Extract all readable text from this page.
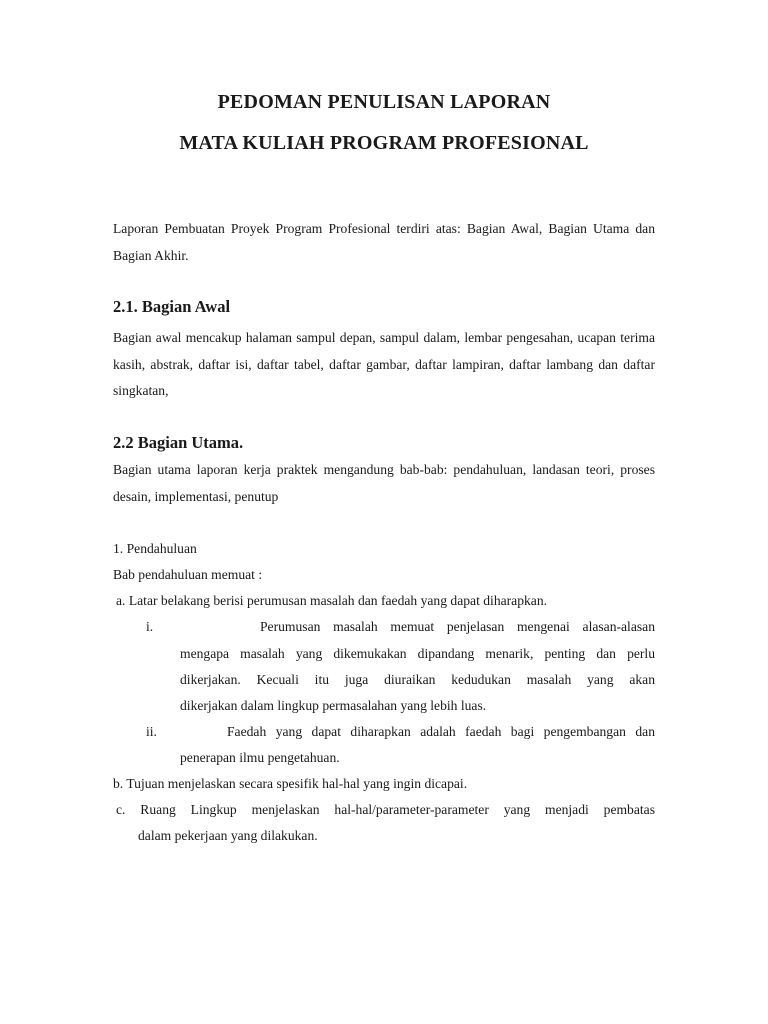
PEDOMAN PENULISAN LAPORAN
MATA KULIAH PROGRAM PROFESIONAL
Laporan Pembuatan Proyek Program Profesional terdiri atas: Bagian Awal, Bagian Utama dan Bagian Akhir.
2.1. Bagian Awal
Bagian awal mencakup halaman sampul depan, sampul dalam, lembar pengesahan, ucapan terima kasih, abstrak, daftar isi, daftar tabel, daftar gambar, daftar lampiran, daftar lambang dan daftar singkatan,
2.2 Bagian Utama.
Bagian utama laporan kerja praktek mengandung bab-bab: pendahuluan, landasan teori, proses desain, implementasi, penutup
1. Pendahuluan
Bab pendahuluan memuat :
a. Latar belakang berisi perumusan masalah dan faedah yang dapat diharapkan.
i.	Perumusan masalah memuat penjelasan mengenai alasan-alasan
mengapa masalah yang dikemukakan dipandang menarik, penting dan perlu
dikerjakan. Kecuali itu juga diuraikan kedudukan masalah yang akan
dikerjakan dalam lingkup permasalahan yang lebih luas.
ii.	Faedah yang dapat diharapkan adalah faedah bagi pengembangan dan
penerapan ilmu pengetahuan.
b. Tujuan menjelaskan secara spesifik hal-hal yang ingin dicapai.
c. Ruang Lingkup menjelaskan hal-hal/parameter-parameter yang menjadi pembatas
dalam pekerjaan yang dilakukan.
